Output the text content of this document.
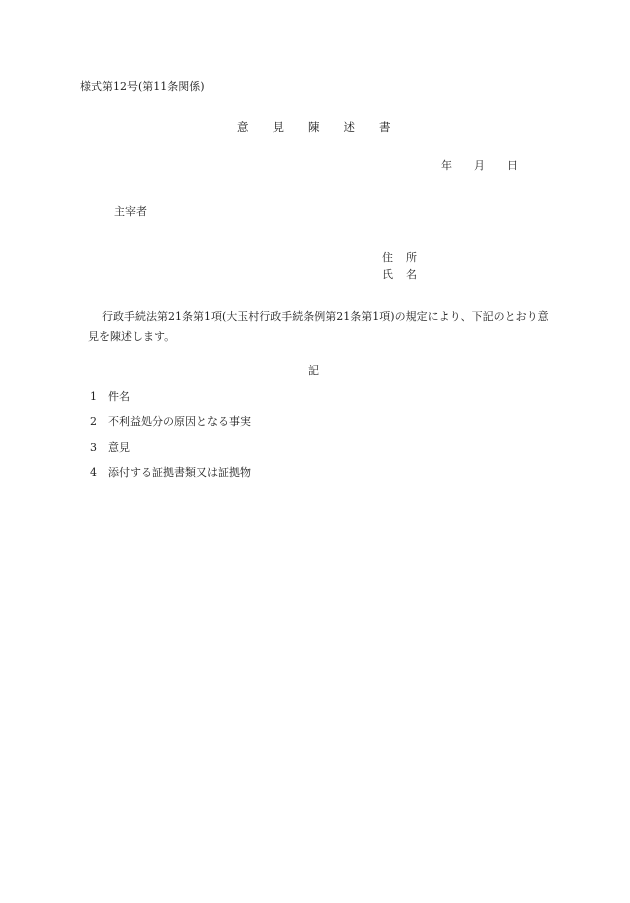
様式第12号(第11条関係)
意見陳述書
年 月 日
主宰者
住 所
氏 名
行政手続法第21条第1項(大玉村行政手続条例第21条第1項)の規定により、下記のとおり意見を陳述します。
記
1 件名
2 不利益処分の原因となる事実
3 意見
4 添付する証拠書類又は証拠物
